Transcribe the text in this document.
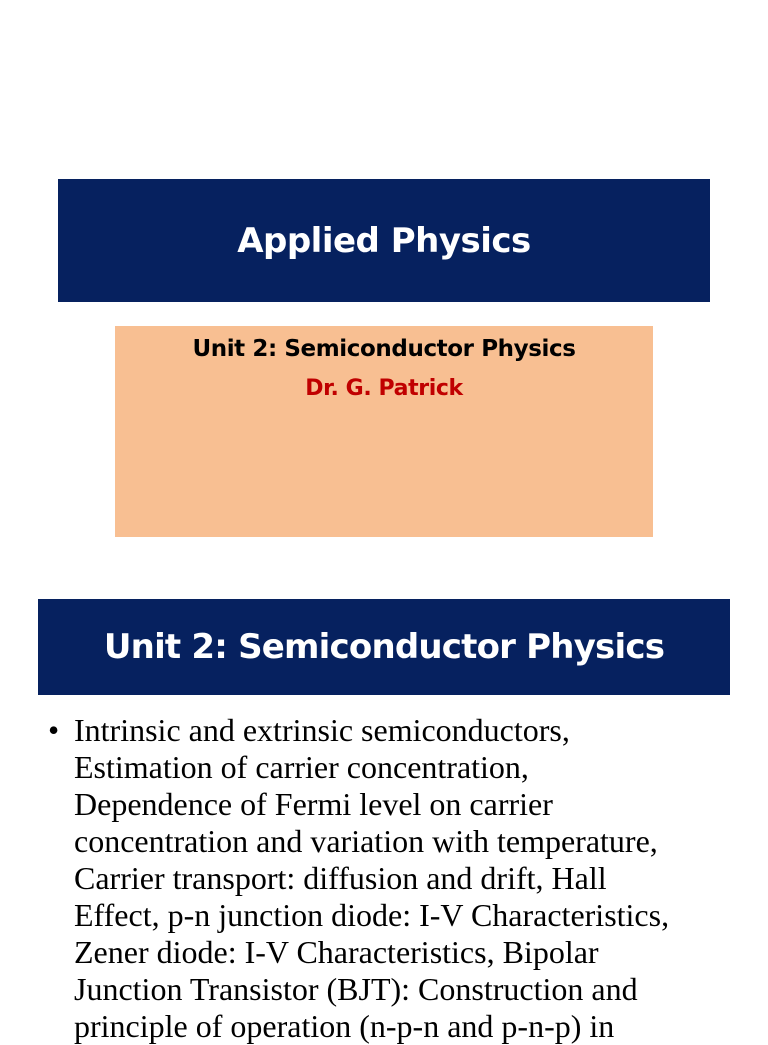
Applied Physics
Unit 2: Semiconductor Physics
Dr. G. Patrick
Unit 2: Semiconductor Physics
• Intrinsic and extrinsic semiconductors,
Estimation of carrier concentration,
Dependence of Fermi level on carrier
concentration and variation with temperature,
Carrier transport: diffusion and drift, Hall
Effect, p-n junction diode: I-V Characteristics,
Zener diode: I-V Characteristics, Bipolar
Junction Transistor (BJT): Construction and
principle of operation (n-p-n and p-n-p) in
